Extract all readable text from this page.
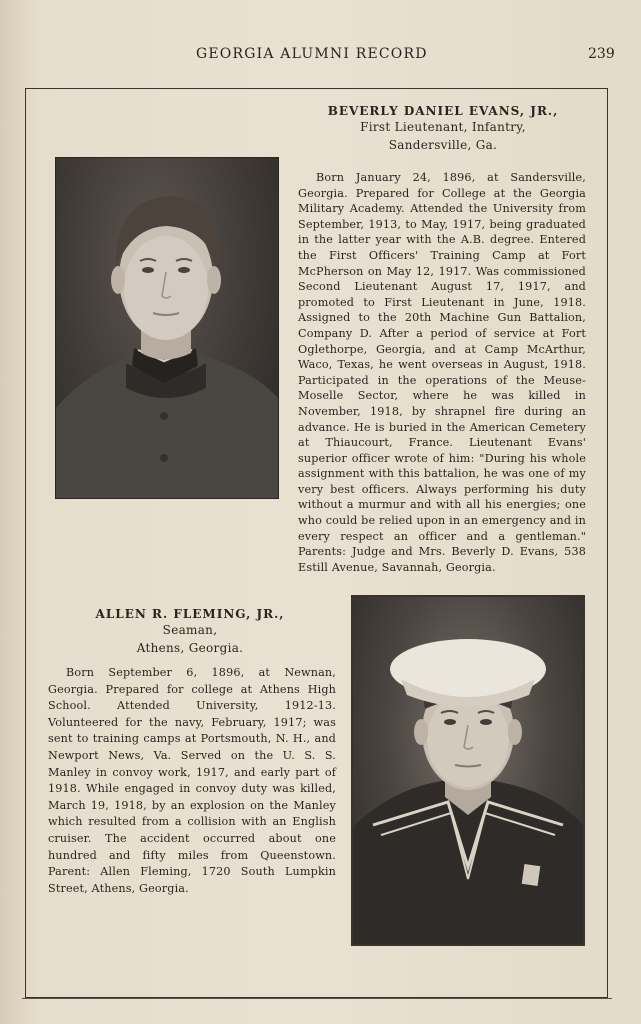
GEORGIA ALUMNI RECORD	239
BEVERLY DANIEL EVANS, JR.,
First Lieutenant, Infantry,
Sandersville, Ga.

Born January 24, 1896, at Sandersville, Georgia. Prepared for College at the Georgia Military Academy. Attended the University from September, 1913, to May, 1917, being graduated in the latter year with the A.B. degree. Entered the First Officers' Training Camp at Fort McPherson on May 12, 1917. Was commissioned Second Lieutenant August 17, 1917, and promoted to First Lieutenant in June, 1918. Assigned to the 20th Machine Gun Battalion, Company D. After a period of service at Fort Oglethorpe, Georgia, and at Camp McArthur, Waco, Texas, he went overseas in August, 1918. Participated in the operations of the Meuse-Moselle Sector, where he was killed in November, 1918, by shrapnel fire during an advance. He is buried in the American Cemetery at Thiaucourt, France. Lieutenant Evans' superior officer wrote of him: "During his whole assignment with this battalion, he was one of my very best officers. Always performing his duty without a murmur and with all his energies; one who could be relied upon in an emergency and in every respect an officer and a gentleman." Parents: Judge and Mrs. Beverly D. Evans, 538 Estill Avenue, Savannah, Georgia.

ALLEN R. FLEMING, JR.,
Seaman,
Athens, Georgia.

Born September 6, 1896, at Newnan, Georgia. Prepared for college at Athens High School. Attended University, 1912-13. Volunteered for the navy, February, 1917; was sent to training camps at Portsmouth, N. H., and Newport News, Va. Served on the U. S. S. Manley in convoy work, 1917, and early part of 1918. While engaged in convoy duty was killed, March 19, 1918, by an explosion on the Manley which resulted from a collision with an English cruiser. The accident occurred about one hundred and fifty miles from Queenstown. Parent: Allen Fleming, 1720 South Lumpkin Street, Athens, Georgia.
